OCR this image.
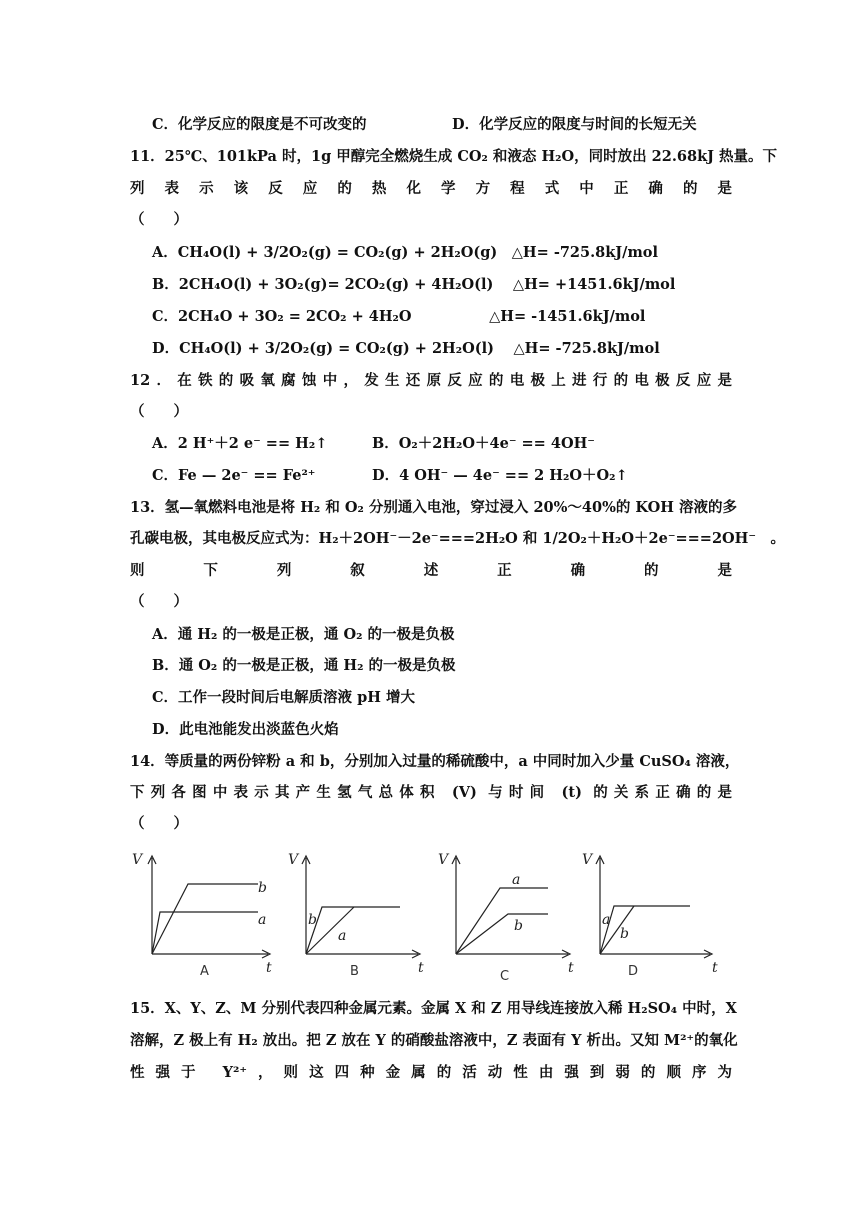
C．化学反应的限度是不可改变的	D．化学反应的限度与时间的长短无关
11．25℃、101kPa 时，1g 甲醇完全燃烧生成 CO₂ 和液态 H₂O，同时放出 22.68kJ 热量。下
列表示该反应的热化学方程式中正确的是
（　　）
A．CH₄O(l) + 3/2O₂(g) = CO₂(g) + 2H₂O(g)　△H= -725.8kJ/mol
B．2CH₄O(l) + 3O₂(g)= 2CO₂(g) + 4H₂O(l)　 △H= +1451.6kJ/mol
C．2CH₄O + 3O₂ = 2CO₂ + 4H₂O　　　　　 △H= -1451.6kJ/mol
D．CH₄O(l) + 3/2O₂(g) = CO₂(g) + 2H₂O(l)　 △H= -725.8kJ/mol
12．在铁的吸氧腐蚀中，发生还原反应的电极上进行的电极反应是
（　　）
A．2 H⁺＋2 e⁻ == H₂↑	B．O₂＋2H₂O＋4e⁻ == 4OH⁻
C．Fe — 2e⁻ == Fe²⁺	D．4 OH⁻ — 4e⁻ == 2 H₂O＋O₂↑
13．氢—氧燃料电池是将 H₂ 和 O₂ 分别通入电池，穿过浸入 20%～40%的 KOH 溶液的多
孔碳电极，其电极反应式为：H₂＋2OH⁻－2e⁻===2H₂O 和 1/2O₂＋H₂O＋2e⁻===2OH⁻　。
则下列叙述正确的是
（　　）
A．通 H₂ 的一极是正极，通 O₂ 的一极是负极
B．通 O₂ 的一极是正极，通 H₂ 的一极是负极
C．工作一段时间后电解质溶液 pH 增大
D．此电池能发出淡蓝色火焰
14．等质量的两份锌粉 a 和 b，分别加入过量的稀硫酸中，a 中同时加入少量 CuSO₄ 溶液，
下列各图中表示其产生氢气总体积 (V) 与时间 (t) 的关系正确的是
（　　）
V
t
b
a
A
V
t
b
a
B
V
t
a
b
C
V
t
a
b
D
15．X、Y、Z、M 分别代表四种金属元素。金属 X 和 Z 用导线连接放入稀 H₂SO₄ 中时，X
溶解，Z 极上有 H₂ 放出。把 Z 放在 Y 的硝酸盐溶液中，Z 表面有 Y 析出。又知 M²⁺的氧化
性强于 Y²⁺，则这四种金属的活动性由强到弱的顺序为
